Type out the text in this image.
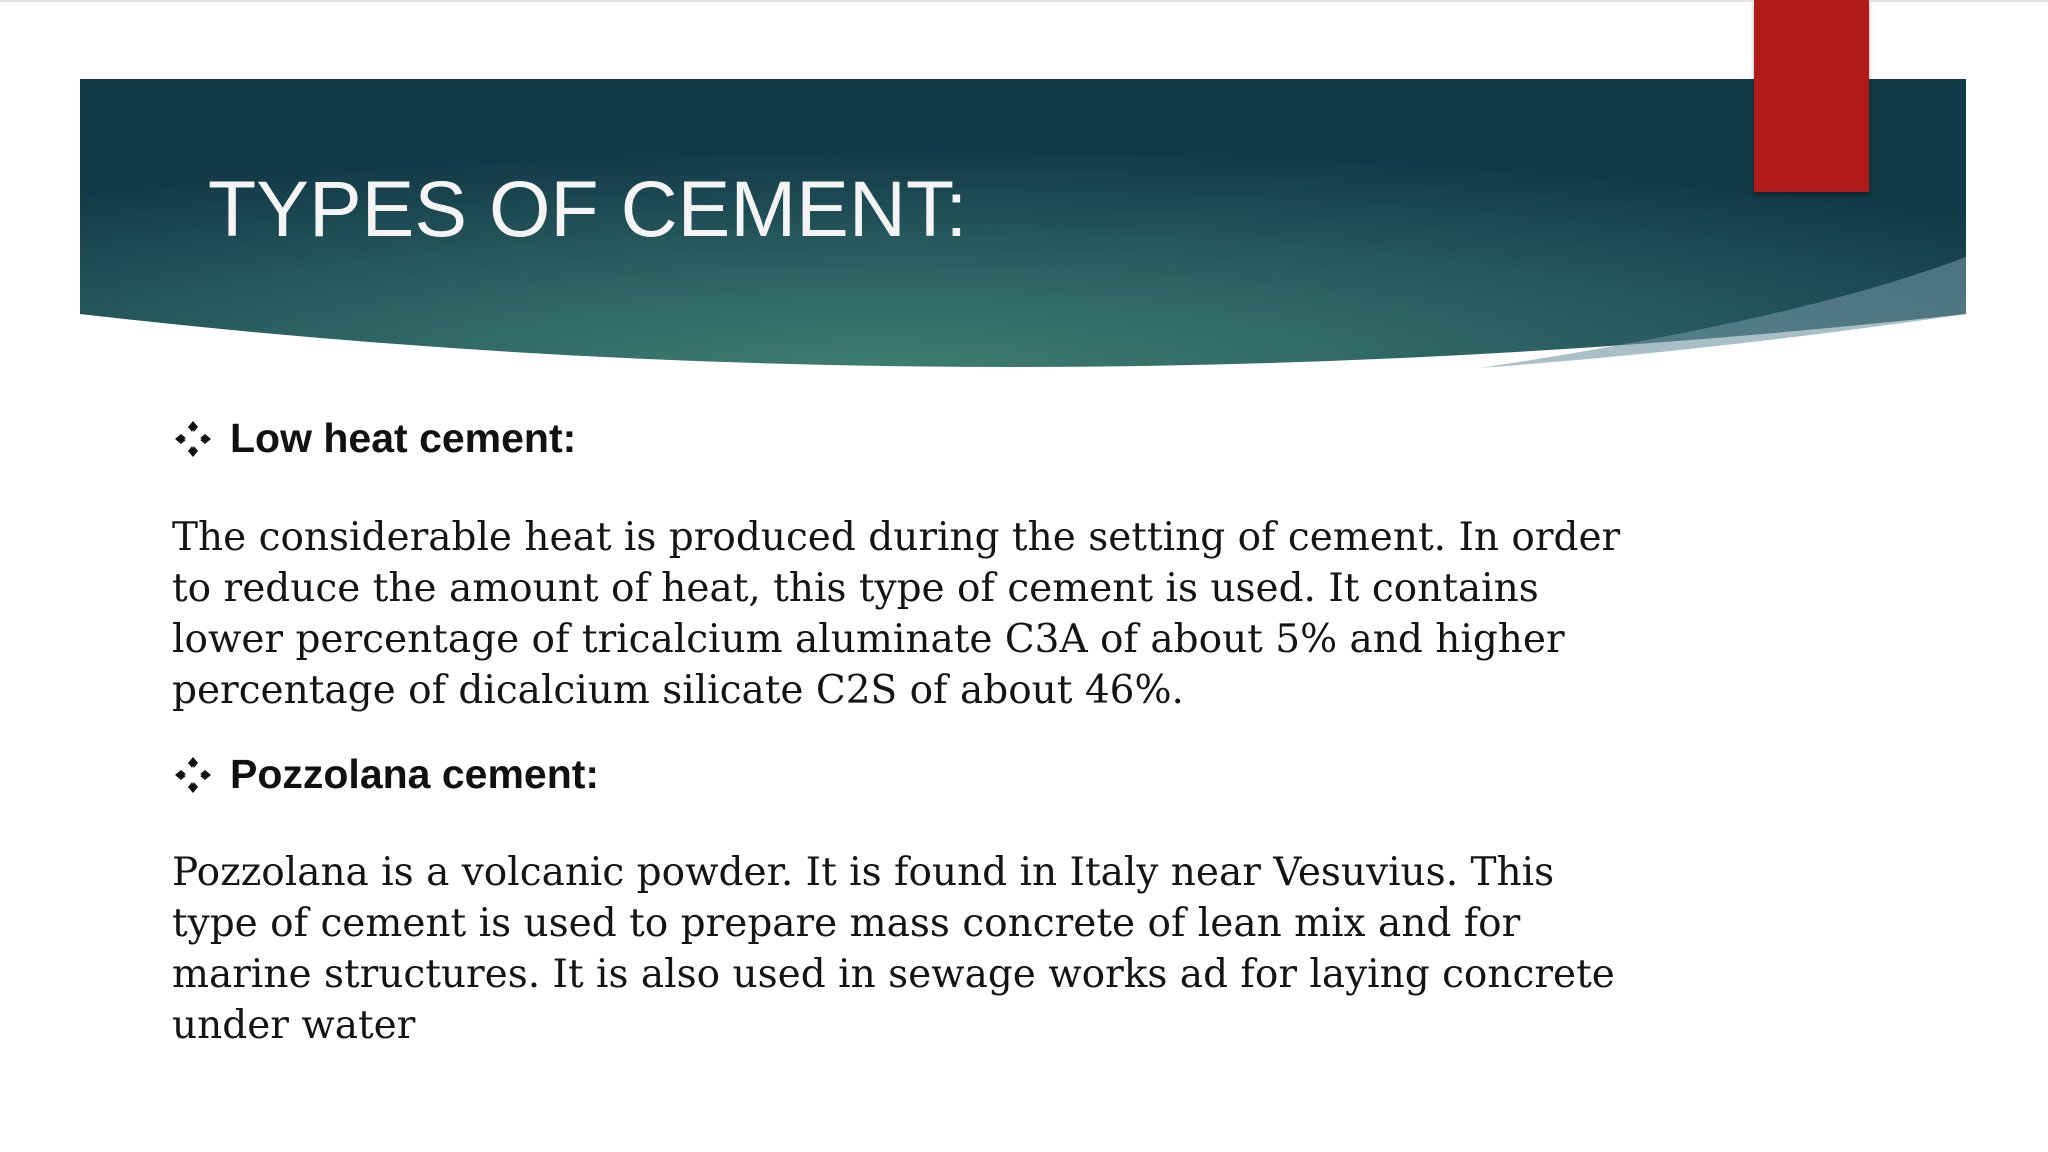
TYPES OF CEMENT:
Low heat cement:

The considerable heat is produced during the setting of cement. In order to reduce the amount of heat, this type of cement is used. It contains lower percentage of tricalcium aluminate C3A of about 5% and higher percentage of dicalcium silicate C2S of about 46%.

Pozzolana cement:

Pozzolana is a volcanic powder. It is found in Italy near Vesuvius. This type of cement is used to prepare mass concrete of lean mix and for marine structures. It is also used in sewage works ad for laying concrete under water
